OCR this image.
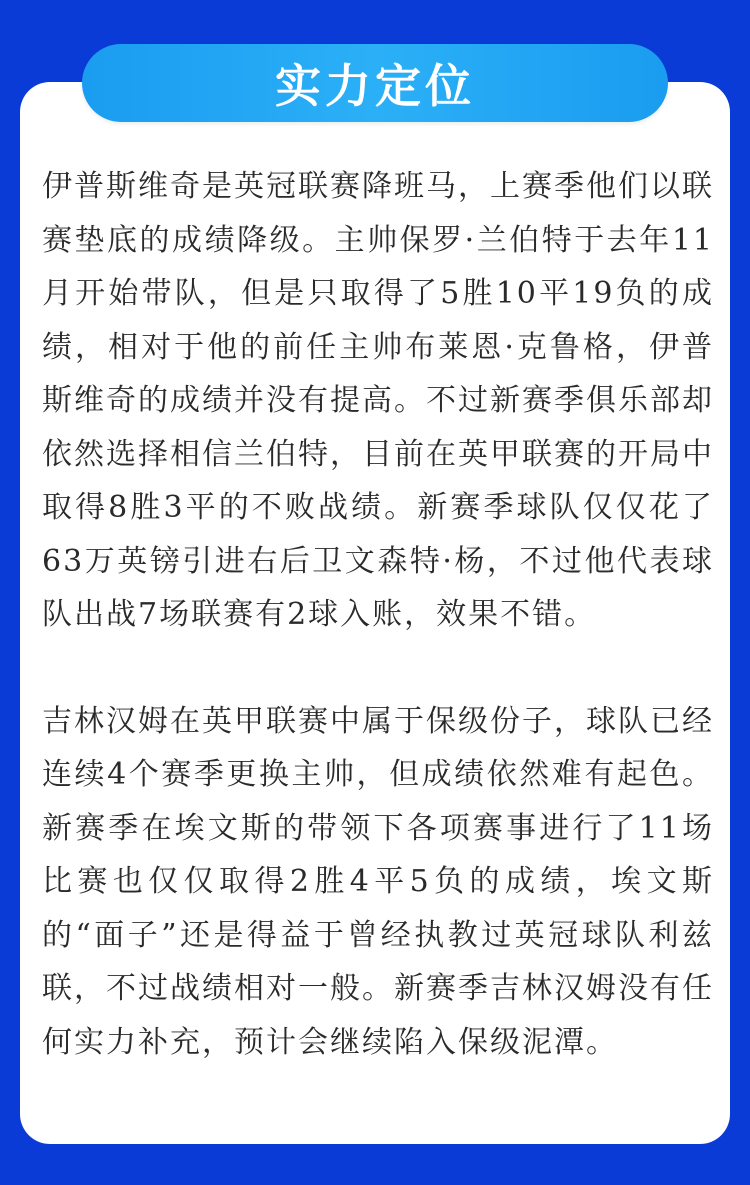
实力定位

伊普斯维奇是英冠联赛降班马，上赛季他们以联赛垫底的成绩降级。主帅保罗·兰伯特于去年11月开始带队，但是只取得了5胜10平19负的成绩，相对于他的前任主帅布莱恩·克鲁格，伊普斯维奇的成绩并没有提高。不过新赛季俱乐部却依然选择相信兰伯特，目前在英甲联赛的开局中取得8胜3平的不败战绩。新赛季球队仅仅花了63万英镑引进右后卫文森特·杨，不过他代表球队出战7场联赛有2球入账，效果不错。

吉林汉姆在英甲联赛中属于保级份子，球队已经连续4个赛季更换主帅，但成绩依然难有起色。新赛季在埃文斯的带领下各项赛事进行了11场比赛也仅仅取得2胜4平5负的成绩，埃文斯的“面子”还是得益于曾经执教过英冠球队利兹联，不过战绩相对一般。新赛季吉林汉姆没有任何实力补充，预计会继续陷入保级泥潭。
